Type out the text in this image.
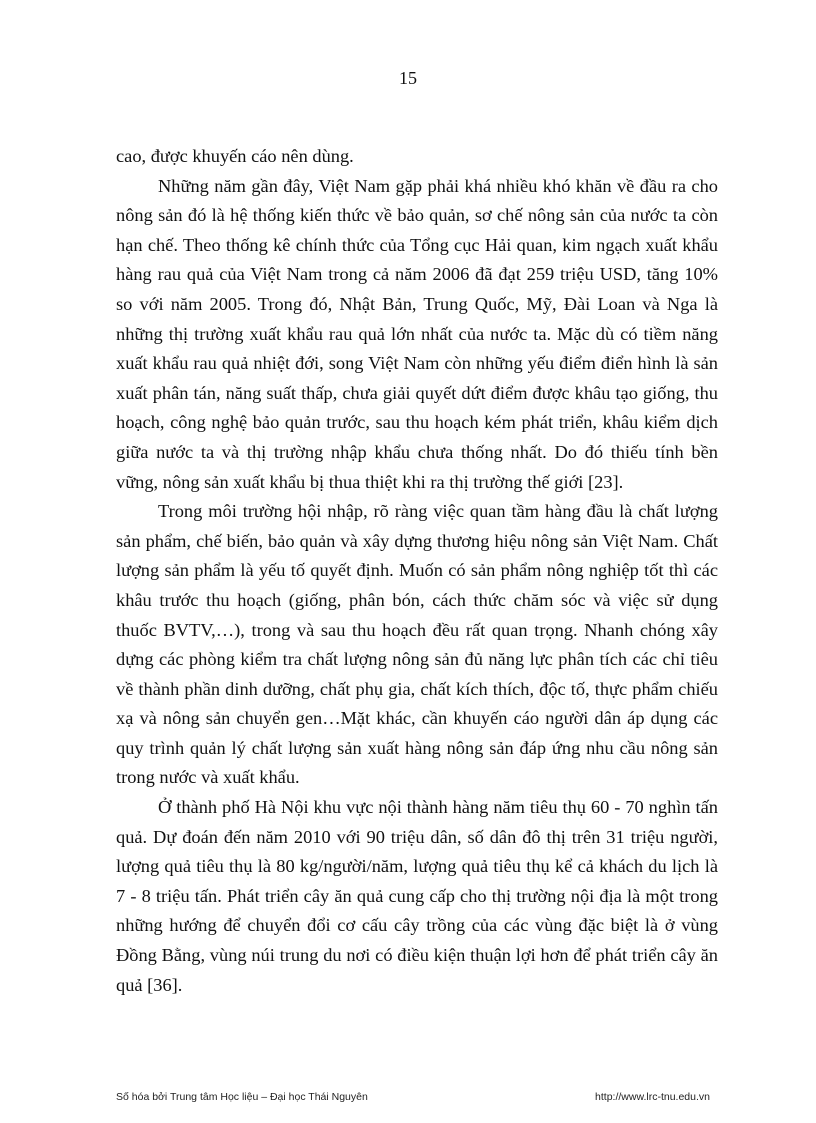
15

cao, được khuyến cáo nên dùng.

Những năm gần đây, Việt Nam gặp phải khá nhiều khó khăn về đầu ra cho nông sản đó là hệ thống kiến thức về bảo quản, sơ chế nông sản của nước ta còn hạn chế. Theo thống kê chính thức của Tổng cục Hải quan, kim ngạch xuất khẩu hàng rau quả của Việt Nam trong cả năm 2006 đã đạt 259 triệu USD, tăng 10% so với năm 2005. Trong đó, Nhật Bản, Trung Quốc, Mỹ, Đài Loan và Nga là những thị trường xuất khẩu rau quả lớn nhất của nước ta. Mặc dù có tiềm năng xuất khẩu rau quả nhiệt đới, song Việt Nam còn những yếu điểm điển hình là sản xuất phân tán, năng suất thấp, chưa giải quyết dứt điểm được khâu tạo giống, thu hoạch, công nghệ bảo quản trước, sau thu hoạch kém phát triển, khâu kiểm dịch giữa nước ta và thị trường nhập khẩu chưa thống nhất. Do đó thiếu tính bền vững, nông sản xuất khẩu bị thua thiệt khi ra thị trường thế giới [23].

Trong môi trường hội nhập, rõ ràng việc quan tầm hàng đầu là chất lượng sản phẩm, chế biến, bảo quản và xây dựng thương hiệu nông sản Việt Nam. Chất lượng sản phẩm là yếu tố quyết định. Muốn có sản phẩm nông nghiệp tốt thì các khâu trước thu hoạch (giống, phân bón, cách thức chăm sóc và việc sử dụng thuốc BVTV,…), trong và sau thu hoạch đều rất quan trọng. Nhanh chóng xây dựng các phòng kiểm tra chất lượng nông sản đủ năng lực phân tích các chỉ tiêu về thành phần dinh dưỡng, chất phụ gia, chất kích thích, độc tố, thực phẩm chiếu xạ và nông sản chuyển gen…Mặt khác, cần khuyến cáo người dân áp dụng các quy trình quản lý chất lượng sản xuất hàng nông sản đáp ứng nhu cầu nông sản trong nước và xuất khẩu.

Ở thành phố Hà Nội khu vực nội thành hàng năm tiêu thụ 60 - 70 nghìn tấn quả. Dự đoán đến năm 2010 với 90 triệu dân, số dân đô thị trên 31 triệu người, lượng quả tiêu thụ là 80 kg/người/năm, lượng quả tiêu thụ kể cả khách du lịch là 7 - 8 triệu tấn. Phát triển cây ăn quả cung cấp cho thị trường nội địa là một trong những hướng để chuyển đổi cơ cấu cây trồng của các vùng đặc biệt là ở vùng Đồng Bằng, vùng núi trung du nơi có điều kiện thuận lợi hơn để phát triển cây ăn quả [36].

Số hóa bởi Trung tâm Học liệu – Đại học Thái Nguyên	http://www.lrc-tnu.edu.vn
